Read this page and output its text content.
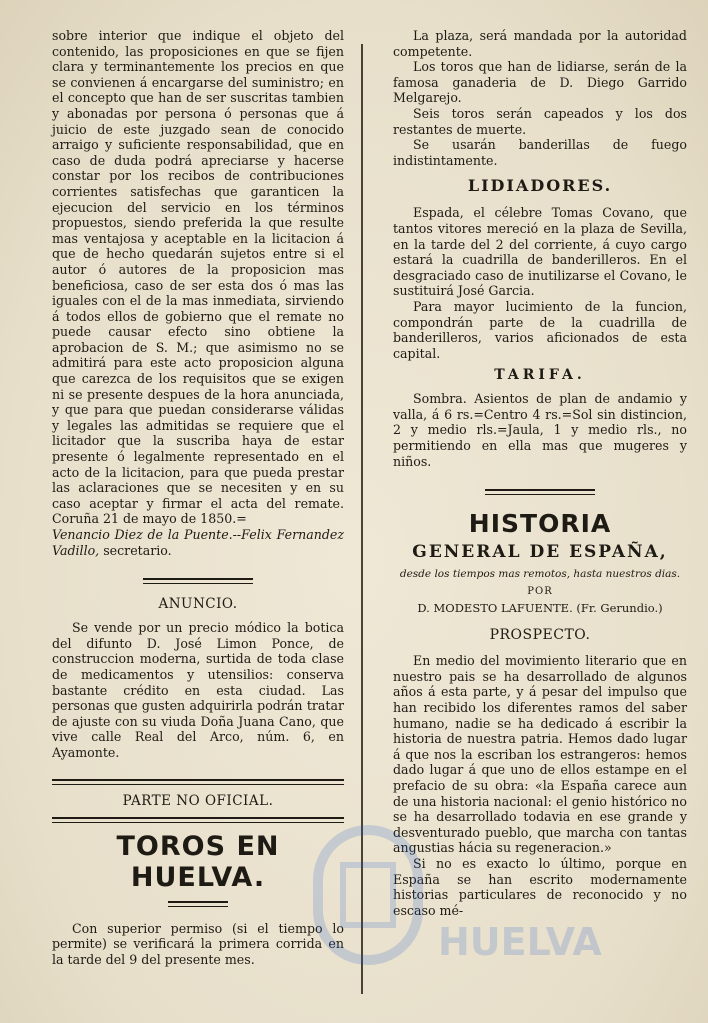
sobre interior que indique el objeto del contenido, las proposiciones en que se fijen clara y terminantemente los precios en que se convienen á encargarse del suministro; en el concepto que han de ser suscritas tambien y abonadas por persona ó personas que á juicio de este juzgado sean de conocido arraigo y suficiente responsabilidad, que en caso de duda podrá apreciarse y hacerse constar por los recibos de contribuciones corrientes satisfechas que garanticen la ejecucion del servicio en los términos propuestos, siendo preferida la que resulte mas ventajosa y aceptable en la licitacion á que de hecho quedarán sujetos entre si el autor ó autores de la proposicion mas beneficiosa, caso de ser esta dos ó mas las iguales con el de la mas inmediata, sirviendo á todos ellos de gobierno que el remate no puede causar efecto sino obtiene la aprobacion de S. M.; que asimismo no se admitirá para este acto proposicion alguna que carezca de los requisitos que se exigen ni se presente despues de la hora anunciada, y que para que puedan considerarse válidas y legales las admitidas se requiere que el licitador que la suscriba haya de estar presente ó legalmente representado en el acto de la licitacion, para que pueda prestar las aclaraciones que se necesiten y en su caso aceptar y firmar el acta del remate. Coruña 21 de mayo de 1850.=

Venancio Diez de la Puente.--Felix Fernandez Vadillo, secretario.

ANUNCIO.

Se vende por un precio módico la botica del difunto D. José Limon Ponce, de construccion moderna, surtida de toda clase de medicamentos y utensilios: conserva bastante crédito en esta ciudad. Las personas que gusten adquirirla podrán tratar de ajuste con su viuda Doña Juana Cano, que vive calle Real del Arco, núm. 6, en Ayamonte.

PARTE NO OFICIAL.
TOROS EN HUELVA.

Con superior permiso (si el tiempo lo permite) se verificará la primera corrida en la tarde del 9 del presente mes.

La plaza, será mandada por la autoridad competente.

Los toros que han de lidiarse, serán de la famosa ganaderia de D. Diego Garrido Melgarejo.

Seis toros serán capeados y los dos restantes de muerte.

Se usarán banderillas de fuego indistintamente.

LIDIADORES.

Espada, el célebre Tomas Covano, que tantos vitores mereció en la plaza de Sevilla, en la tarde del 2 del corriente, á cuyo cargo estará la cuadrilla de banderilleros. En el desgraciado caso de inutilizarse el Covano, le sustituirá José Garcia.

Para mayor lucimiento de la funcion, compondrán parte de la cuadrilla de banderilleros, varios aficionados de esta capital.

TARIFA.

Sombra. Asientos de plan de andamio y valla, á 6 rs.=Centro 4 rs.=Sol sin distincion, 2 y medio rls.=Jaula, 1 y medio rls., no permitiendo en ella mas que mugeres y niños.

HISTORIA
GENERAL DE ESPAÑA,
desde los tiempos mas remotos, hasta nuestros dias.
POR
D. MODESTO LAFUENTE. (Fr. Gerundio.)
PROSPECTO.

En medio del movimiento literario que en nuestro pais se ha desarrollado de algunos años á esta parte, y á pesar del impulso que han recibido los diferentes ramos del saber humano, nadie se ha dedicado á escribir la historia de nuestra patria. Hemos dado lugar á que nos la escriban los estrangeros: hemos dado lugar á que uno de ellos estampe en el prefacio de su obra: «la España carece aun de una historia nacional: el genio histórico no se ha desarrollado todavia en ese grande y desventurado pueblo, que marcha con tantas angustias hácia su regeneracion.»

Si no es exacto lo último, porque en España se han escrito modernamente historias particulares de reconocido y no escaso mé-

HUELVA
